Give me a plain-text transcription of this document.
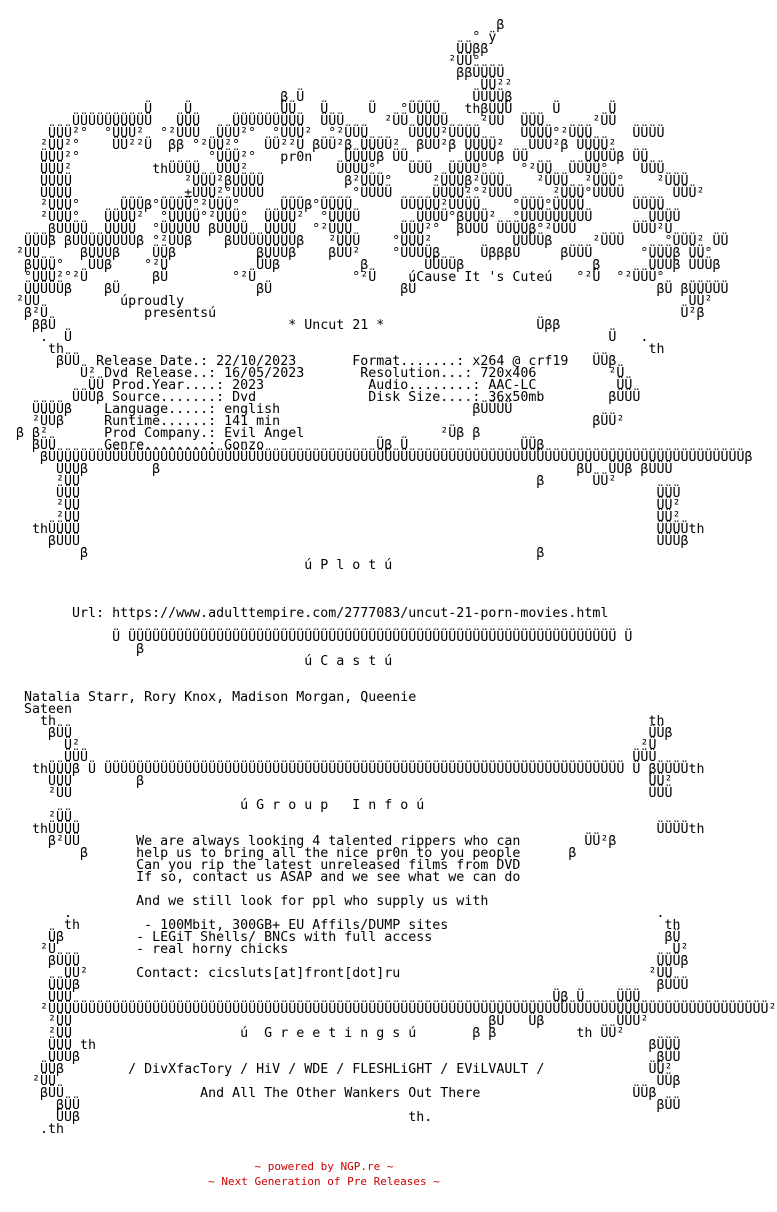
β
° ÿ
ÜÜββ
²ÜÜ°
ββÜÜÜÜ
ÜÜ²²
β Ü                     ÜÜÜÜβ
Ü    Ü           ÜÜ   Ü     Ü   °ÜÜÜÜ   thβÜÜÜ     Ü      Ü
ÜÜÜÜÜÜÜÜÜÜ   ÜÜÜ    ÜÜÜÜÜÜÜÜÜ  ÜÜÜ     ²ÜÜ ÜÜÜÜ    ²ÜÜ  ÜÜÜ      ²ÜÜ
ÜÜÜ²°  °ÜÜÜ²  °²ÜÜÜ  ÜÜÜ²°  °ÜÜÜ²  °²ÜÜÜ     ÜÜÜÜ²ÜÜÜÜ     ÜÜÜÜ°²ÜÜÜ     ÜÜÜÜ
²ÜÜ²°    ÜÜ²²Ü  ββ °²ÜÜ²°   ÜÜ²²Ü βÜÜ²β ÜÜÜÜ²  βÜÜ²β ÜÜÜÜ²   ÜÜÜ²β ÜÜÜÜ²
ÜÜÜ²°                °ÜÜÜ²°   pr0n    ÜÜÜÜβ ÜÜ       ÜÜÜÜβ ÜÜ       ÜÜÜÜβ ÜÜ
ÜÜÜ²          thÜÜÜÜ  ÜÜÜ²           ÜÜÜÜ°    ÜÜÜ  ÜÜÜÜ°    °²ÜÜ  ÜÜÜÜ°    ÜÜÜ
ÜÜÜÜ              ²ÜÜÜ²βÜÜÜÜ          β²ÜÜÜ°     ²ÜÜÜβ²ÜÜÜ    ²ÜÜÜ  ²ÜÜÜ°    ²ÜÜÜ
ÜÜÜÜ              ±ÜÜÜ²°ÜÜÜÜ           °ÜÜÜÜ     ÜÜÜÜ²°²ÜÜÜ     ²ÜÜÜ°ÜÜÜÜ      ÜÜÜ²
²ÜÜÜ°     ÜÜÜβ°ÜÜÜÜ°²ÜÜÜ°     ÜÜÜβ°ÜÜÜÜ      ÜÜÜÜÜ²ÜÜÜÜ    °ÜÜÜ°ÜÜÜÜ      ÜÜÜÜ
²ÜÜÜ°   ÜÜÜÜ²  °ÜÜÜÜ°²ÜÜÜ°  ÜÜÜÜ²  °ÜÜÜÜ       ÜÜÜÜ°βÜÜÜ²  °ÜÜÜÜÜÜÜÜÜ       ÜÜÜÜ
βÜÜÜÜ  ÜÜÜÜ  °ÜÜÜÜÜ βÜÜÜÜ  ÜÜÜÜ  °²ÜÜÜ      ÜÜÜ²°  βÜÜÜ ÜÜÜÜβ°²ÜÜÜ       ÜÜÜ²Ü
ÜÜÜβ βÜÜÜÜÜÜÜÜβ °²ÜÜβ    βÜÜÜÜÜÜÜÜβ   ²ÜÜÜ    °ÜÜÜ²          ÜÜÜÜβ     ²ÜÜÜ     °ÜÜÜ² ÜÜ
²ÜÜ     βÜÜÜβ    ÜÜβ          βÜÜÜβ    βÜÜ²    °ÜÜÜÜβ     ÜβββÜ     βÜÜÜ      °ÜÜÜβ ÜÜ°
βÜÜÜ°   ÜÜβ    °²Ü           ÜÜβ          β       ÜÜÜÜβ                β      ÜÜÜβ ÜÜÜβ
°ÜÜÜ²°²Ü        βÜ        °²Ü            °²Ü    úCause It 's Cuteú   °²Ü  °²ÜÜÜ°
ÜÜÜÜÜβ    βÜ                 βÜ                βÜ                              βÜ βÜÜÜÜÜ
²ÜÜ          úproudly                                                               ÜÜ²
β²Ü            presentsú                                                          Ü²β
ββÜ                             * Uncut 21 *                   Üββ
.  Ü                                                                   Ü   .
th                                                                         th
βÜÜ  Release Date.: 22/10/2023       Format.......: x264 @ crf19   ÜÜβ
Ü² Dvd Release..: 16/05/2023       Resolution...: 720x406         ²Ü
ÜÜ Prod.Year....: 2023             Audio........: AAC-LC          ÜÜ
ÜÜÜβ Source.......: Dvd              Disk Size....: 36x50mb        βÜÜÜ
ÜÜÜÜβ    Language.....: english                        βÜÜÜÜ
²ÜÜβ     Runtime......: 141 min                                       βÜÜ²
β β²       Prod Company.: Evil Angel                 ²Üβ β
βÜÜ      Genre........: Gonzo              Üβ Ü              ÜÜβ
βÜÜÜÜÜÜÜÜÜÜÜÜÜÜÜÜÜÜÜÜÜÜÜÜÜÜÜÜÜÜÜÜÜÜÜÜÜÜÜÜÜÜÜÜÜÜÜÜÜÜÜÜÜÜÜÜÜÜÜÜÜÜÜÜÜÜÜÜÜÜÜÜÜÜÜÜÜÜÜÜÜÜÜÜÜÜÜβ
ÜÜÜβ        β                                                    βÜ  ÜÜβ βÜÜÜ
²ÜÜ                                                         β      ÜÜ²
ÜÜÜ                                                                        ÜÜÜ
²ÜÜ                                                                        ÜÜ²
²ÜÜ                                                                        ÜÜ²
thÜÜÜÜ                                                                        ÜÜÜÜth
βÜÜÜ                                                                        ÜÜÜβ
β                                                        β
ú P l o t ú

Url: https://www.adulttempire.com/2777083/uncut-21-porn-movies.html

Ü ÜÜÜÜÜÜÜÜÜÜÜÜÜÜÜÜÜÜÜÜÜÜÜÜÜÜÜÜÜÜÜÜÜÜÜÜÜÜÜÜÜÜÜÜÜÜÜÜÜÜÜÜÜÜÜÜÜÜÜÜÜ Ü
β
ú C a s t ú

Natalia Starr, Rory Knox, Madison Morgan, Queenie
Sateen
th                                                                          th
βÜÜ                                                                        ÜÜβ
Ü²                                                                      ²Ü
ÜÜÜ                                                                    ÜÜÜ
thÜÜÜβ Ü ÜÜÜÜÜÜÜÜÜÜÜÜÜÜÜÜÜÜÜÜÜÜÜÜÜÜÜÜÜÜÜÜÜÜÜÜÜÜÜÜÜÜÜÜÜÜÜÜÜÜÜÜÜÜÜÜÜÜÜÜÜÜÜÜÜ Ü βÜÜÜÜth
ÜÜÜ        β                                                               ÜÜ²
²ÜÜ                                                                        ÜÜÜ
ú G r o u p   I n f o ú
²ÜÜ
thÜÜÜÜ                                                                        ÜÜÜÜth
β²ÜÜ       We are always looking 4 talented rippers who can        ÜÜ²β
β      help us to bring all the nice pr0n to you people      β
Can you rip the latest unreleased films from DVD
If so, contact us ASAP and we see what we can do

And we still look for ppl who supply us with
.                                                                         .
th        - 100Mbit, 300GB+ EU Affils/DUMP sites                           th
Üβ         - LEGiT Shells/ BNCs with full access                             βÜ
²Ü          - real horny chicks                                                Ü²
βÜÜÜ                                                                        ÜÜÜβ
ÜÜ²      Contact: cicsluts[at]front[dot]ru                               ²ÜÜ
ÜÜÜβ                                                                        βÜÜÜ
ÜÜÜ                                                            Üβ Ü    ÜÜÜ
²ÜÜÜÜÜÜÜÜÜÜÜÜÜÜÜÜÜÜÜÜÜÜÜÜÜÜÜÜÜÜÜÜÜÜÜÜÜÜÜÜÜÜÜÜÜÜÜÜÜÜÜÜÜÜÜÜÜÜÜÜÜÜÜÜÜÜÜÜÜÜÜÜÜÜÜÜÜÜÜÜÜÜÜÜÜÜÜÜÜÜ²
²ÜÜ                                                    βÜ   Üβ         ÜÜÜ²
²ÜÜ                     ú  G r e e t i n g s ú       β β          th ÜÜ²
ÜÜÜ th                                                                     βÜÜÜ
ÜÜÜβ                                                                        βÜÜ
ÜÜβ        / DivXfacTory / HiV / WDE / FLESHLiGHT / EViLVAULT /             ÜÜ²
²ÜÜ                                                                           ÜÜβ
βÜÜ                 And All The Other Wankers Out There                   ÜÜβ
βÜÜ                                                                        βÜÜ
ÜÜβ                                         th.
.th
~ powered by NGP.re ~
~ Next Generation of Pre Releases ~
